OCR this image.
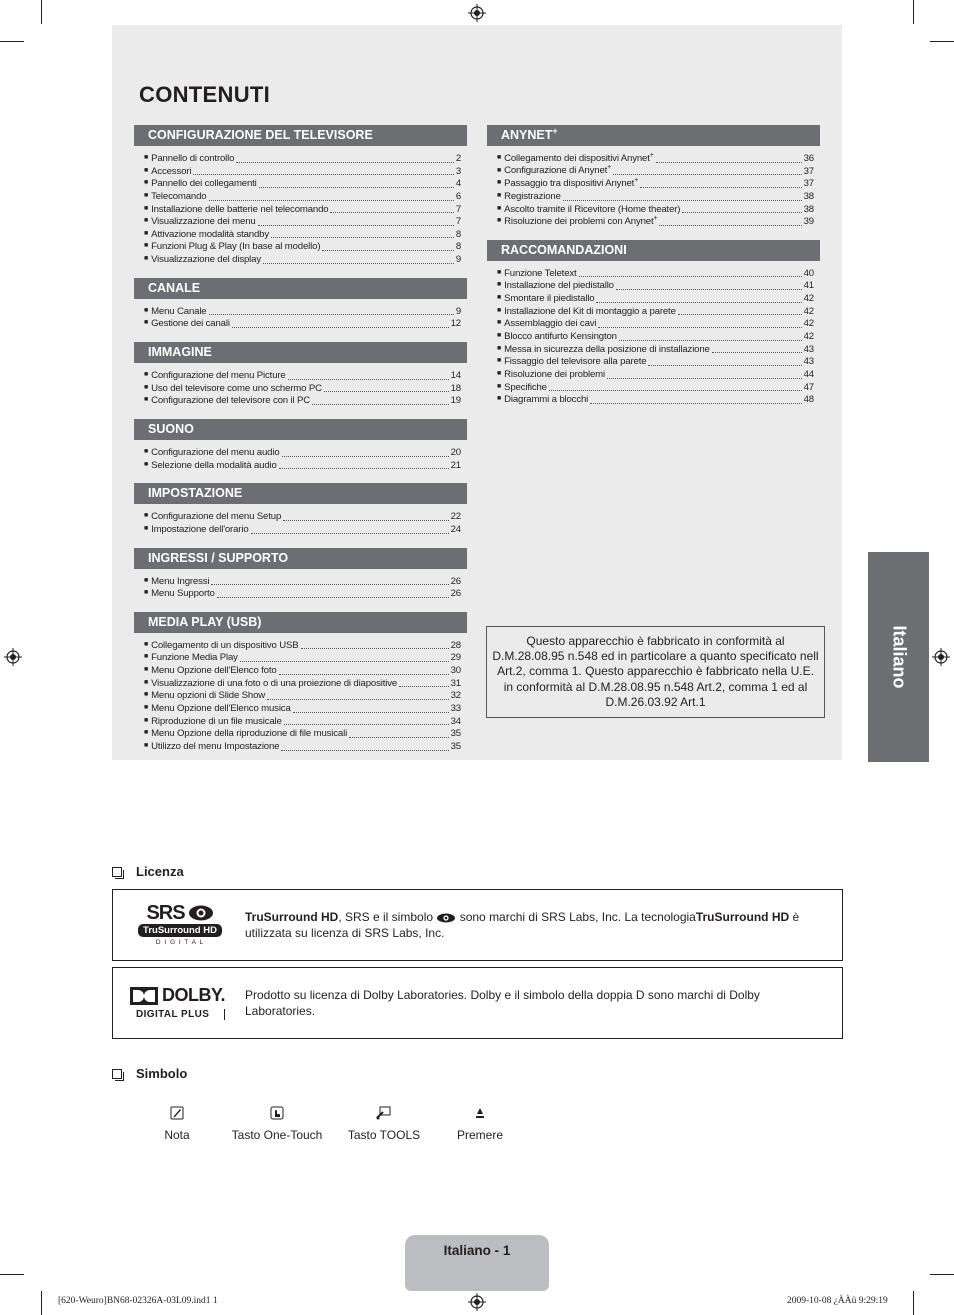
CONTENUTI
CONFIGURAZIONE DEL TELEVISORE
■ Pannello di controllo	2
■ Accessori	3
■ Pannello dei collegamenti	4
■ Telecomando	6
■ Installazione delle batterie nel telecomando	7
■ Visualizzazione dei menu	7
■ Attivazione modalità standby	8
■ Funzioni Plug & Play (In base al modello)	8
■ Visualizzazione del display	9
CANALE
■ Menu Canale	9
■ Gestione dei canali	12
IMMAGINE
■ Configurazione del menu Picture	14
■ Uso del televisore come uno schermo PC	18
■ Configurazione del televisore con il PC	19
SUONO
■ Configurazione del menu audio	20
■ Selezione della modalità audio	21
IMPOSTAZIONE
■ Configurazione del menu Setup	22
■ Impostazione dell'orario	24
INGRESSI / SUPPORTO
■ Menu Ingressi	26
■ Menu Supporto	26
MEDIA PLAY (USB)
■ Collegamento di un dispositivo USB	28
■ Funzione Media Play	29
■ Menu Opzione dell'Elenco foto	30
■ Visualizzazione di una foto o di una proiezione di diapositive	31
■ Menu opzioni di Slide Show	32
■ Menu Opzione dell'Elenco musica	33
■ Riproduzione di un file musicale	34
■ Menu Opzione della riproduzione di file musicali	35
■ Utilizzo del menu Impostazione	35
ANYNET+
■ Collegamento dei dispositivi Anynet+	36
■ Configurazione di Anynet+	37
■ Passaggio tra dispositivi Anynet+	37
■ Registrazione	38
■ Ascolto tramite il Ricevitore (Home theater)	38
■ Risoluzione dei problemi con Anynet+	39
RACCOMANDAZIONI
■ Funzione Teletext	40
■ Installazione del piedistallo	41
■ Smontare il piedistallo	42
■ Installazione del Kit di montaggio a parete	42
■ Assemblaggio dei cavi	42
■ Blocco antifurto Kensington	42
■ Messa in sicurezza della posizione di installazione	43
■ Fissaggio del televisore alla parete	43
■ Risoluzione dei problemi	44
■ Specifiche	47
■ Diagrammi a blocchi	48
Questo apparecchio è fabbricato in conformità al D.M.28.08.95 n.548 ed in particolare a quanto specificato nell Art.2, comma 1. Questo apparecchio è fabbricato nella U.E. in conformità al D.M.28.08.95 n.548 Art.2, comma 1 ed al D.M.26.03.92 Art.1
Italiano
Licenza
SRS
TruSurround HD
D I G I T A L
TruSurround HD, SRS e il simbolo  sono marchi di SRS Labs, Inc. La tecnologiaTruSurround HD è utilizzata su licenza di SRS Labs, Inc.
DOLBY.
DIGITAL PLUS
Prodotto su licenza di Dolby Laboratories. Dolby e il simbolo della doppia D sono marchi di Dolby Laboratories.
Simbolo
Nota	Tasto One-Touch	Tasto TOOLS	Premere
Italiano - 1
[620-Weuro]BN68-02326A-03L09.ind1 1	2009-10-08 ¿ÀÀü 9:29:19
